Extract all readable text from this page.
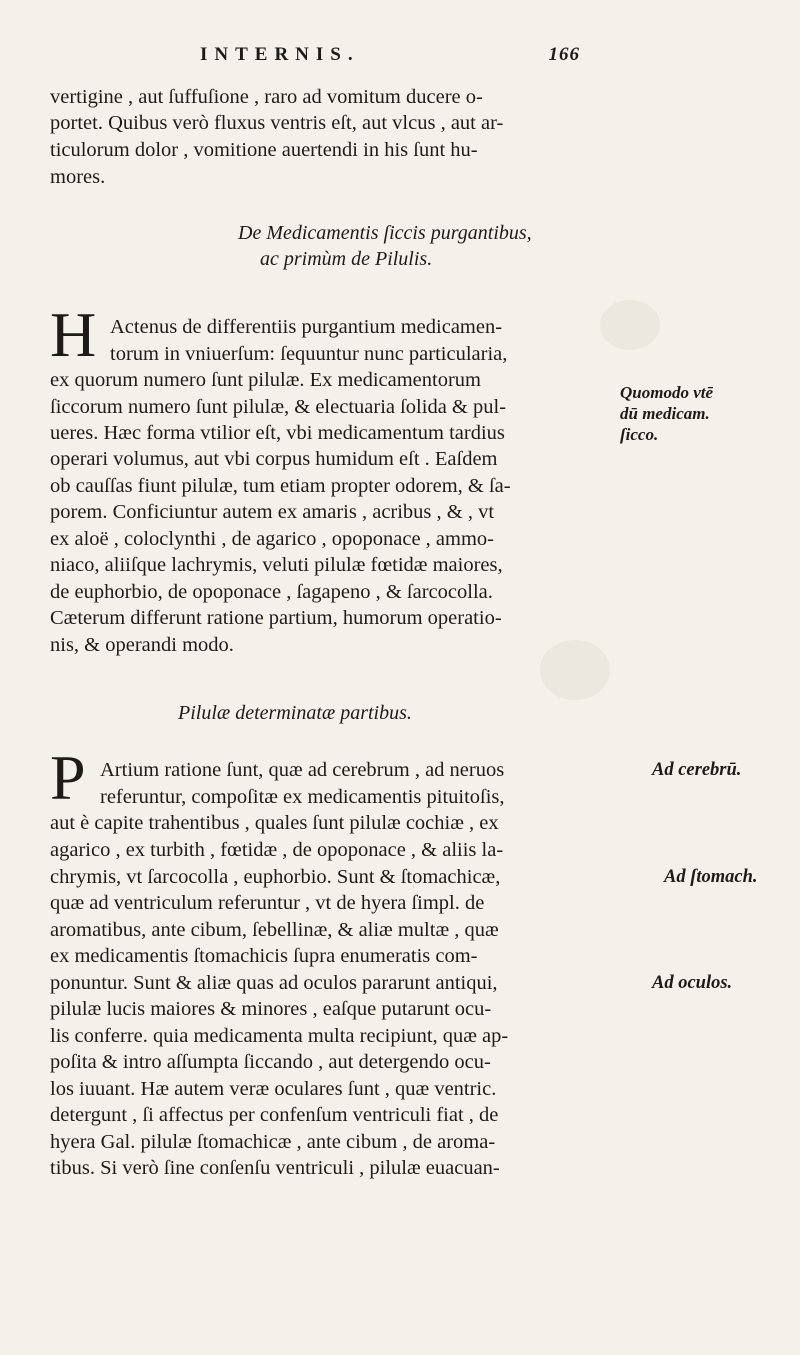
INTERNIS.	166
vertigine , aut ſuffuſione , raro ad vomitum ducere o-
portet. Quibus verò fluxus ventris eſt, aut vlcus , aut ar-
ticulorum dolor , vomitione auertendi in his ſunt hu-
mores.
De Medicamentis ſiccis purgantibus,
ac primùm de Pilulis.
H Actenus de differentiis purgantium medicamen-
torum in vniuerſum: ſequuntur nunc particularia,
ex quorum numero ſunt pilulæ. Ex medicamentorum
ſiccorum numero ſunt pilulæ, & electuaria ſolida & pul-
ueres. Hæc forma vtilior eſt, vbi medicamentum tardius
operari volumus, aut vbi corpus humidum eſt . Eaſdem
ob cauſſas fiunt pilulæ, tum etiam propter odorem, & ſa-
porem. Conficiuntur autem ex amaris , acribus , & , vt
ex aloë , coloclynthi , de agarico , opoponace , ammo-
niaco, aliiſque lachrymis, veluti pilulæ fœtidæ maiores,
de euphorbio, de opoponace , ſagapeno , & ſarcocolla.
Cæterum differunt ratione partium, humorum operatio-
nis, & operandi modo.
Quomodo vtē
dū medicam.
ſicco.
Pilulæ determinatæ partibus.
P Artium ratione ſunt, quæ ad cerebrum , ad neruos
referuntur, compoſitæ ex medicamentis pituitoſis,
aut è capite trahentibus , quales ſunt pilulæ cochiæ , ex
agarico , ex turbith , fœtidæ , de opoponace , & aliis la-
chrymis, vt ſarcocolla , euphorbio. Sunt & ſtomachicæ,
quæ ad ventriculum referuntur , vt de hyera ſimpl. de
aromatibus, ante cibum, ſebellinæ, & aliæ multæ , quæ
ex medicamentis ſtomachicis ſupra enumeratis com-
ponuntur. Sunt & aliæ quas ad oculos pararunt antiqui,
pilulæ lucis maiores & minores , eaſque putarunt ocu-
lis conferre. quia medicamenta multa recipiunt, quæ ap-
poſita & intro aſſumpta ſiccando , aut detergendo ocu-
los iuuant. Hæ autem veræ oculares ſunt , quæ ventric.
detergunt , ſi affectus per confenſum ventriculi fiat , de
hyera Gal. pilulæ ſtomachicæ , ante cibum , de aroma-
tibus. Si verò ſine conſenſu ventriculi , pilulæ euacuan-
Ad cerebrū.
Ad ſtomach.
Ad oculos.
